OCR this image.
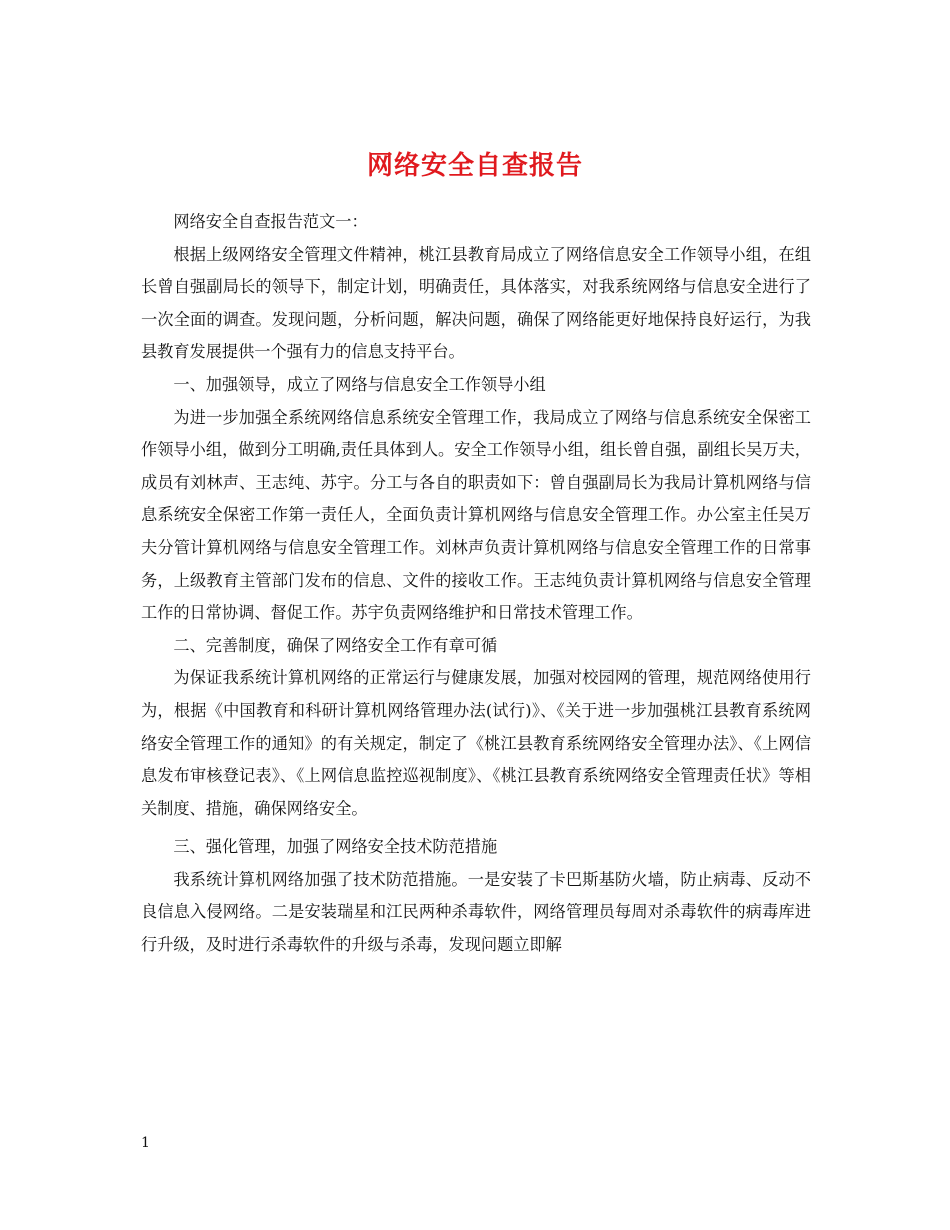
网络安全自查报告

网络安全自查报告范文一：

根据上级网络安全管理文件精神，桃江县教育局成立了网络信息安全工作领导小组，在组长曾自强副局长的领导下，制定计划，明确责任，具体落实，对我系统网络与信息安全进行了一次全面的调查。发现问题，分析问题，解决问题，确保了网络能更好地保持良好运行，为我县教育发展提供一个强有力的信息支持平台。

一、加强领导，成立了网络与信息安全工作领导小组

为进一步加强全系统网络信息系统安全管理工作，我局成立了网络与信息系统安全保密工作领导小组，做到分工明确,责任具体到人。安全工作领导小组，组长曾自强，副组长吴万夫，成员有刘林声、王志纯、苏宇。分工与各自的职责如下：曾自强副局长为我局计算机网络与信息系统安全保密工作第一责任人，全面负责计算机网络与信息安全管理工作。办公室主任吴万夫分管计算机网络与信息安全管理工作。刘林声负责计算机网络与信息安全管理工作的日常事务，上级教育主管部门发布的信息、文件的接收工作。王志纯负责计算机网络与信息安全管理工作的日常协调、督促工作。苏宇负责网络维护和日常技术管理工作。

二、完善制度，确保了网络安全工作有章可循

为保证我系统计算机网络的正常运行与健康发展，加强对校园网的管理，规范网络使用行为，根据《中国教育和科研计算机网络管理办法(试行)》、《关于进一步加强桃江县教育系统网络安全管理工作的通知》的有关规定，制定了《桃江县教育系统网络安全管理办法》、《上网信息发布审核登记表》、《上网信息监控巡视制度》、《桃江县教育系统网络安全管理责任状》等相关制度、措施，确保网络安全。

三、强化管理，加强了网络安全技术防范措施

我系统计算机网络加强了技术防范措施。一是安装了卡巴斯基防火墙，防止病毒、反动不良信息入侵网络。二是安装瑞星和江民两种杀毒软件，网络管理员每周对杀毒软件的病毒库进行升级，及时进行杀毒软件的升级与杀毒，发现问题立即解

1
